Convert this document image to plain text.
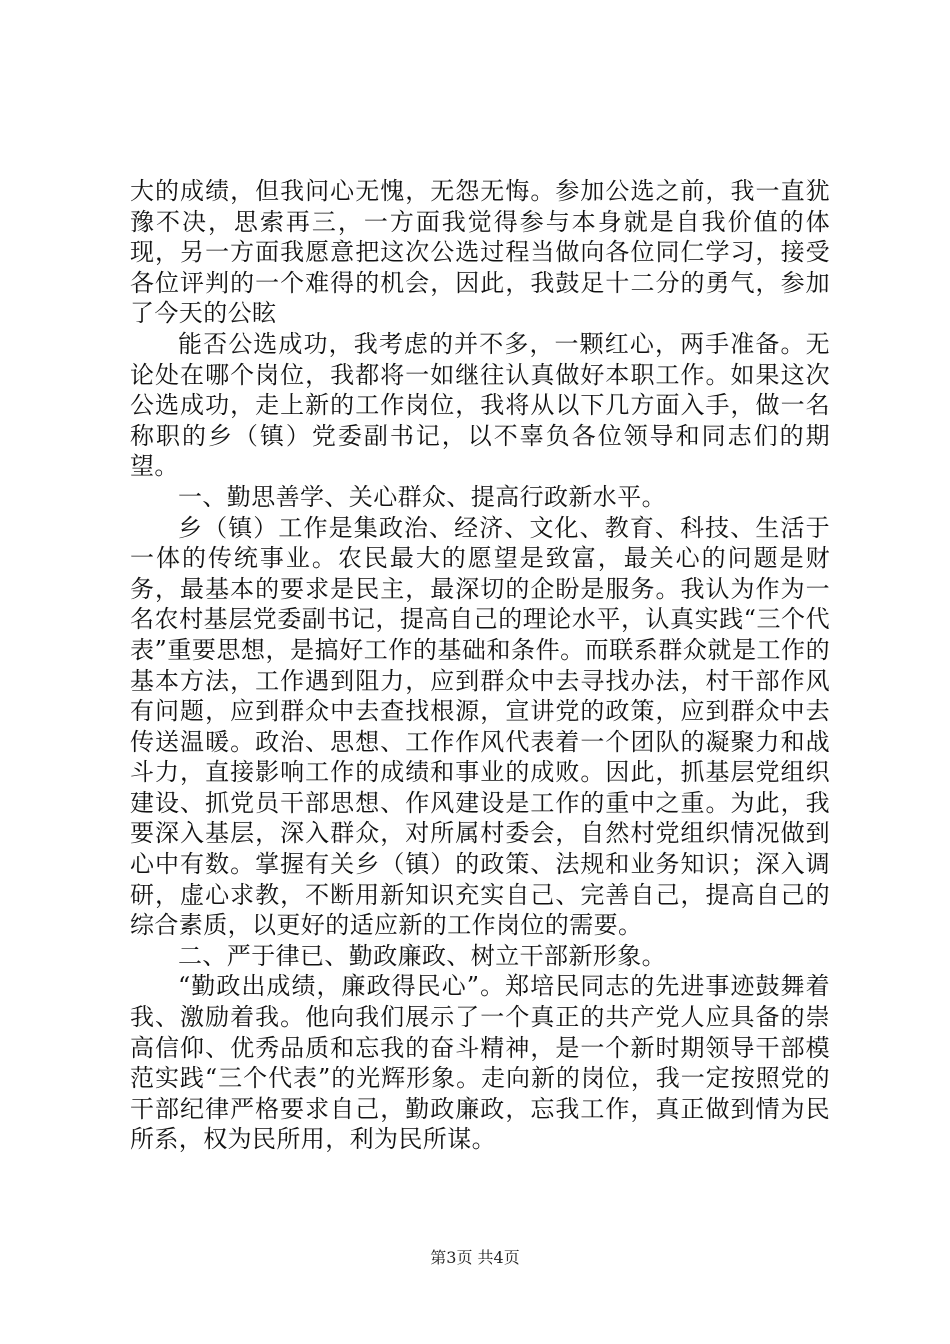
大的成绩，但我问心无愧，无怨无悔。参加公选之前，我一直犹豫不决，思索再三，一方面我觉得参与本身就是自我价值的体现，另一方面我愿意把这次公选过程当做向各位同仁学习，接受各位评判的一个难得的机会，因此，我鼓足十二分的勇气，参加了今天的公眩

能否公选成功，我考虑的并不多，一颗红心，两手准备。无论处在哪个岗位，我都将一如继往认真做好本职工作。如果这次公选成功，走上新的工作岗位，我将从以下几方面入手，做一名称职的乡（镇）党委副书记，以不辜负各位领导和同志们的期望。

一、勤思善学、关心群众、提高行政新水平。

乡（镇）工作是集政治、经济、文化、教育、科技、生活于一体的传统事业。农民最大的愿望是致富，最关心的问题是财务，最基本的要求是民主，最深切的企盼是服务。我认为作为一名农村基层党委副书记，提高自己的理论水平，认真实践“三个代表”重要思想，是搞好工作的基础和条件。而联系群众就是工作的基本方法，工作遇到阻力，应到群众中去寻找办法，村干部作风有问题，应到群众中去查找根源，宣讲党的政策，应到群众中去传送温暖。政治、思想、工作作风代表着一个团队的凝聚力和战斗力，直接影响工作的成绩和事业的成败。因此，抓基层党组织建设、抓党员干部思想、作风建设是工作的重中之重。为此，我要深入基层，深入群众，对所属村委会，自然村党组织情况做到心中有数。掌握有关乡（镇）的政策、法规和业务知识；深入调研，虚心求教，不断用新知识充实自己、完善自己，提高自己的综合素质，以更好的适应新的工作岗位的需要。

二、严于律已、勤政廉政、树立干部新形象。

“勤政出成绩，廉政得民心”。郑培民同志的先进事迹鼓舞着我、激励着我。他向我们展示了一个真正的共产党人应具备的崇高信仰、优秀品质和忘我的奋斗精神，是一个新时期领导干部模范实践“三个代表”的光辉形象。走向新的岗位，我一定按照党的干部纪律严格要求自己，勤政廉政，忘我工作，真正做到情为民所系，权为民所用，利为民所谋。

第3页 共4页
